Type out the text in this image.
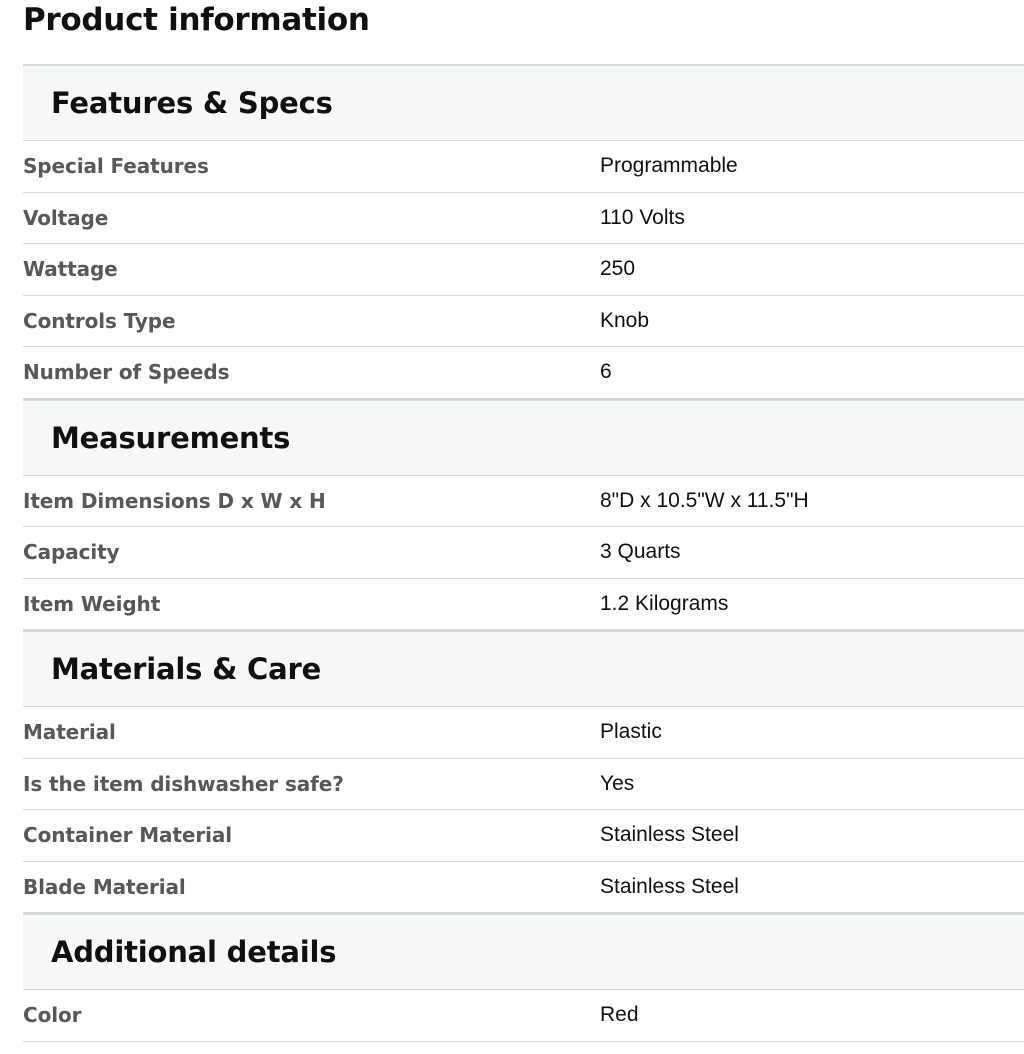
Product information
Features & Specs
Special Features	Programmable
Voltage	110 Volts
Wattage	250
Controls Type	Knob
Number of Speeds	6
Measurements
Item Dimensions D x W x H	8"D x 10.5"W x 11.5"H
Capacity	3 Quarts
Item Weight	1.2 Kilograms
Materials & Care
Material	Plastic
Is the item dishwasher safe?	Yes
Container Material	Stainless Steel
Blade Material	Stainless Steel
Additional details
Color	Red
